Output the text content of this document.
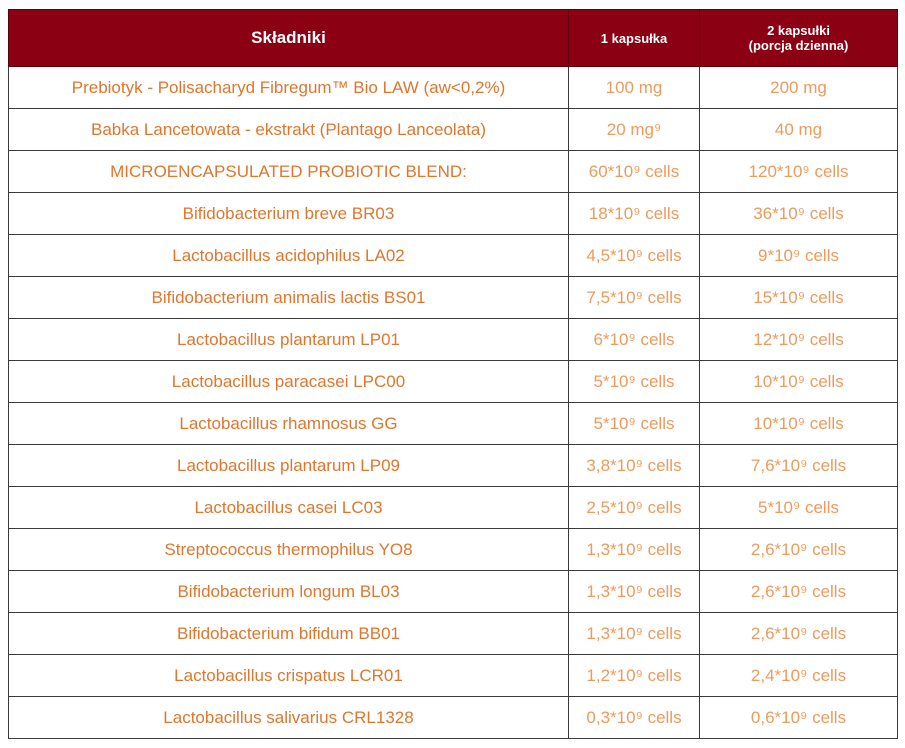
Składniki	1 kapsułka	2 kapsułki
(porcja dzienna)

Prebiotyk - Polisacharyd Fibregum™ Bio LAW (aw<0,2%)	100 mg	200 mg
Babka Lancetowata - ekstrakt (Plantago Lanceolata)	20 mg⁹	40 mg
MICROENCAPSULATED PROBIOTIC BLEND:	60*10⁹ cells	120*10⁹ cells
Bifidobacterium breve BR03	18*10⁹ cells	36*10⁹ cells
Lactobacillus acidophilus LA02	4,5*10⁹ cells	9*10⁹ cells
Bifidobacterium animalis lactis BS01	7,5*10⁹ cells	15*10⁹ cells
Lactobacillus plantarum LP01	6*10⁹ cells	12*10⁹ cells
Lactobacillus paracasei LPC00	5*10⁹ cells	10*10⁹ cells
Lactobacillus rhamnosus GG	5*10⁹ cells	10*10⁹ cells
Lactobacillus plantarum LP09	3,8*10⁹ cells	7,6*10⁹ cells
Lactobacillus casei LC03	2,5*10⁹ cells	5*10⁹ cells
Streptococcus thermophilus YO8	1,3*10⁹ cells	2,6*10⁹ cells
Bifidobacterium longum BL03	1,3*10⁹ cells	2,6*10⁹ cells
Bifidobacterium bifidum BB01	1,3*10⁹ cells	2,6*10⁹ cells
Lactobacillus crispatus LCR01	1,2*10⁹ cells	2,4*10⁹ cells
Lactobacillus salivarius CRL1328	0,3*10⁹ cells	0,6*10⁹ cells
